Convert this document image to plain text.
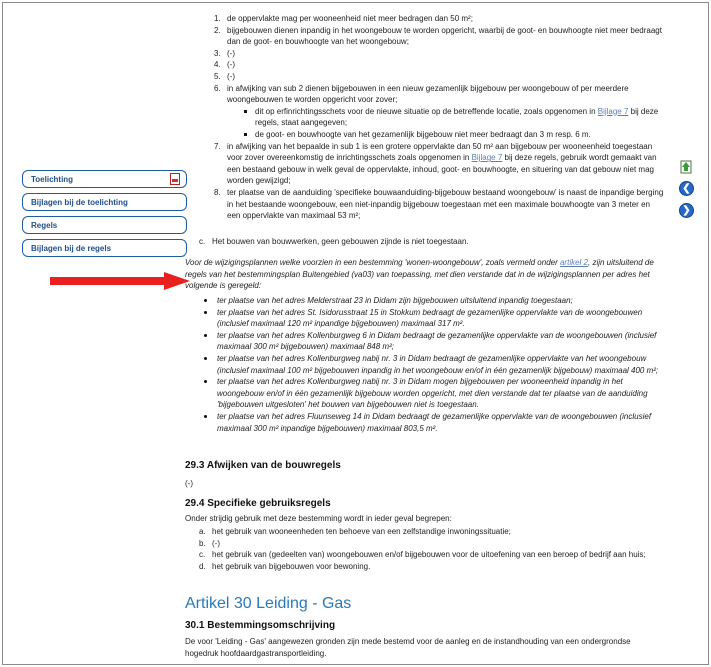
Toelichting
Bijlagen bij de toelichting
Regels
Bijlagen bij de regels
1. de oppervlakte mag per wooneenheid niet meer bedragen dan 50 m²;
2. bijgebouwen dienen inpandig in het woongebouw te worden opgericht, waarbij de goot- en bouwhoogte niet meer bedraagt dan de goot- en bouwhoogte van het woongebouw;
3. (-)
4. (-)
5. (-)
6. in afwijking van sub 2 dienen bijgebouwen in een nieuw gezamenlijk bijgebouw per woongebouw of per meerdere woongebouwen te worden opgericht voor zover;
dit op erfinrichtingsschets voor de nieuwe situatie op de betreffende locatie, zoals opgenomen in Bijlage 7 bij deze regels, staat aangegeven;
de goot- en bouwhoogte van het gezamenlijk bijgebouw niet meer bedraagt dan 3 m resp. 6 m.
7. in afwijking van het bepaalde in sub 1 is een grotere oppervlakte dan 50 m² aan bijgebouw per wooneenheid toegestaan voor zover overeenkomstig de inrichtingsschets zoals opgenomen in Bijlage 7 bij deze regels, gebruik wordt gemaakt van een bestaand gebouw in welk geval de oppervlakte, inhoud, goot- en bouwhoogte, en situering van dat gebouw niet mag worden gewijzigd;
8. ter plaatse van de aanduiding 'specifieke bouwaanduiding-bijgebouw bestaand woongebouw' is naast de inpandige berging in het bestaande woongebouw, een niet-inpandig bijgebouw toegestaan met een maximale bouwhoogte van 3 meter en een oppervlakte van maximaal 53 m²;
c. Het bouwen van bouwwerken, geen gebouwen zijnde is niet toegestaan.
Voor de wijzigingsplannen welke voorzien in een bestemming 'wonen-woongebouw', zoals vermeld onder artikel 2, zijn uitsluitend de regels van het bestemmingsplan Buitengebied (va03) van toepassing, met dien verstande dat in de wijzigingsplannen per adres het volgende is geregeld:
ter plaatse van het adres Melderstraat 23 in Didam zijn bijgebouwen uitsluitend inpandig toegestaan;
ter plaatse van het adres St. Isidorusstraat 15 in Stokkum bedraagt de gezamenlijke oppervlakte van de woongebouwen (inclusief maximaal 120 m² inpandige bijgebouwen) maximaal 317 m².
ter plaatse van het adres Kollenburgweg 6 in Didam bedraagt de gezamenlijke oppervlakte van de woongebouwen (inclusief maximaal 300 m² bijgebouwen) maximaal 848 m²;
ter plaatse van het adres Kollenburgweg nabij nr. 3 in Didam bedraagt de gezamenlijke oppervlakte van het woongebouw (inclusief maximaal 100 m² bijgebouwen inpandig in het woongebouw en/of in één gezamenlijk bijgebouw) maximaal 400 m²;
ter plaatse van het adres Kollenburgweg nabij nr. 3 in Didam mogen bijgebouwen per wooneenheid inpandig in het woongebouw en/of in één gezamenlijk bijgebouw worden opgericht, met dien verstande dat ter plaatse van de aanduiding 'bijgebouwen uitgesloten' het bouwen van bijgebouwen niet is toegestaan.
ter plaatse van het adres Fluunseweg 14 in Didam bedraagt de gezamenlijke oppervlakte van de woongebouwen (inclusief maximaal 300 m² inpandige bijgebouwen) maximaal 803,5 m².
29.3 Afwijken van de bouwregels
(-)
29.4 Specifieke gebruiksregels
Onder strijdig gebruik met deze bestemming wordt in ieder geval begrepen:
a. het gebruik van wooneenheden ten behoeve van een zelfstandige inwoningssituatie;
b. (-)
c. het gebruik van (gedeelten van) woongebouwen en/of bijgebouwen voor de uitoefening van een beroep of bedrijf aan huis;
d. het gebruik van bijgebouwen voor bewoning.
Artikel 30 Leiding - Gas
30.1 Bestemmingsomschrijving
De voor 'Leiding - Gas' aangewezen gronden zijn mede bestemd voor de aanleg en de instandhouding van een ondergrondse hogedruk hoofdaardgastransportleiding.
❮
❯
